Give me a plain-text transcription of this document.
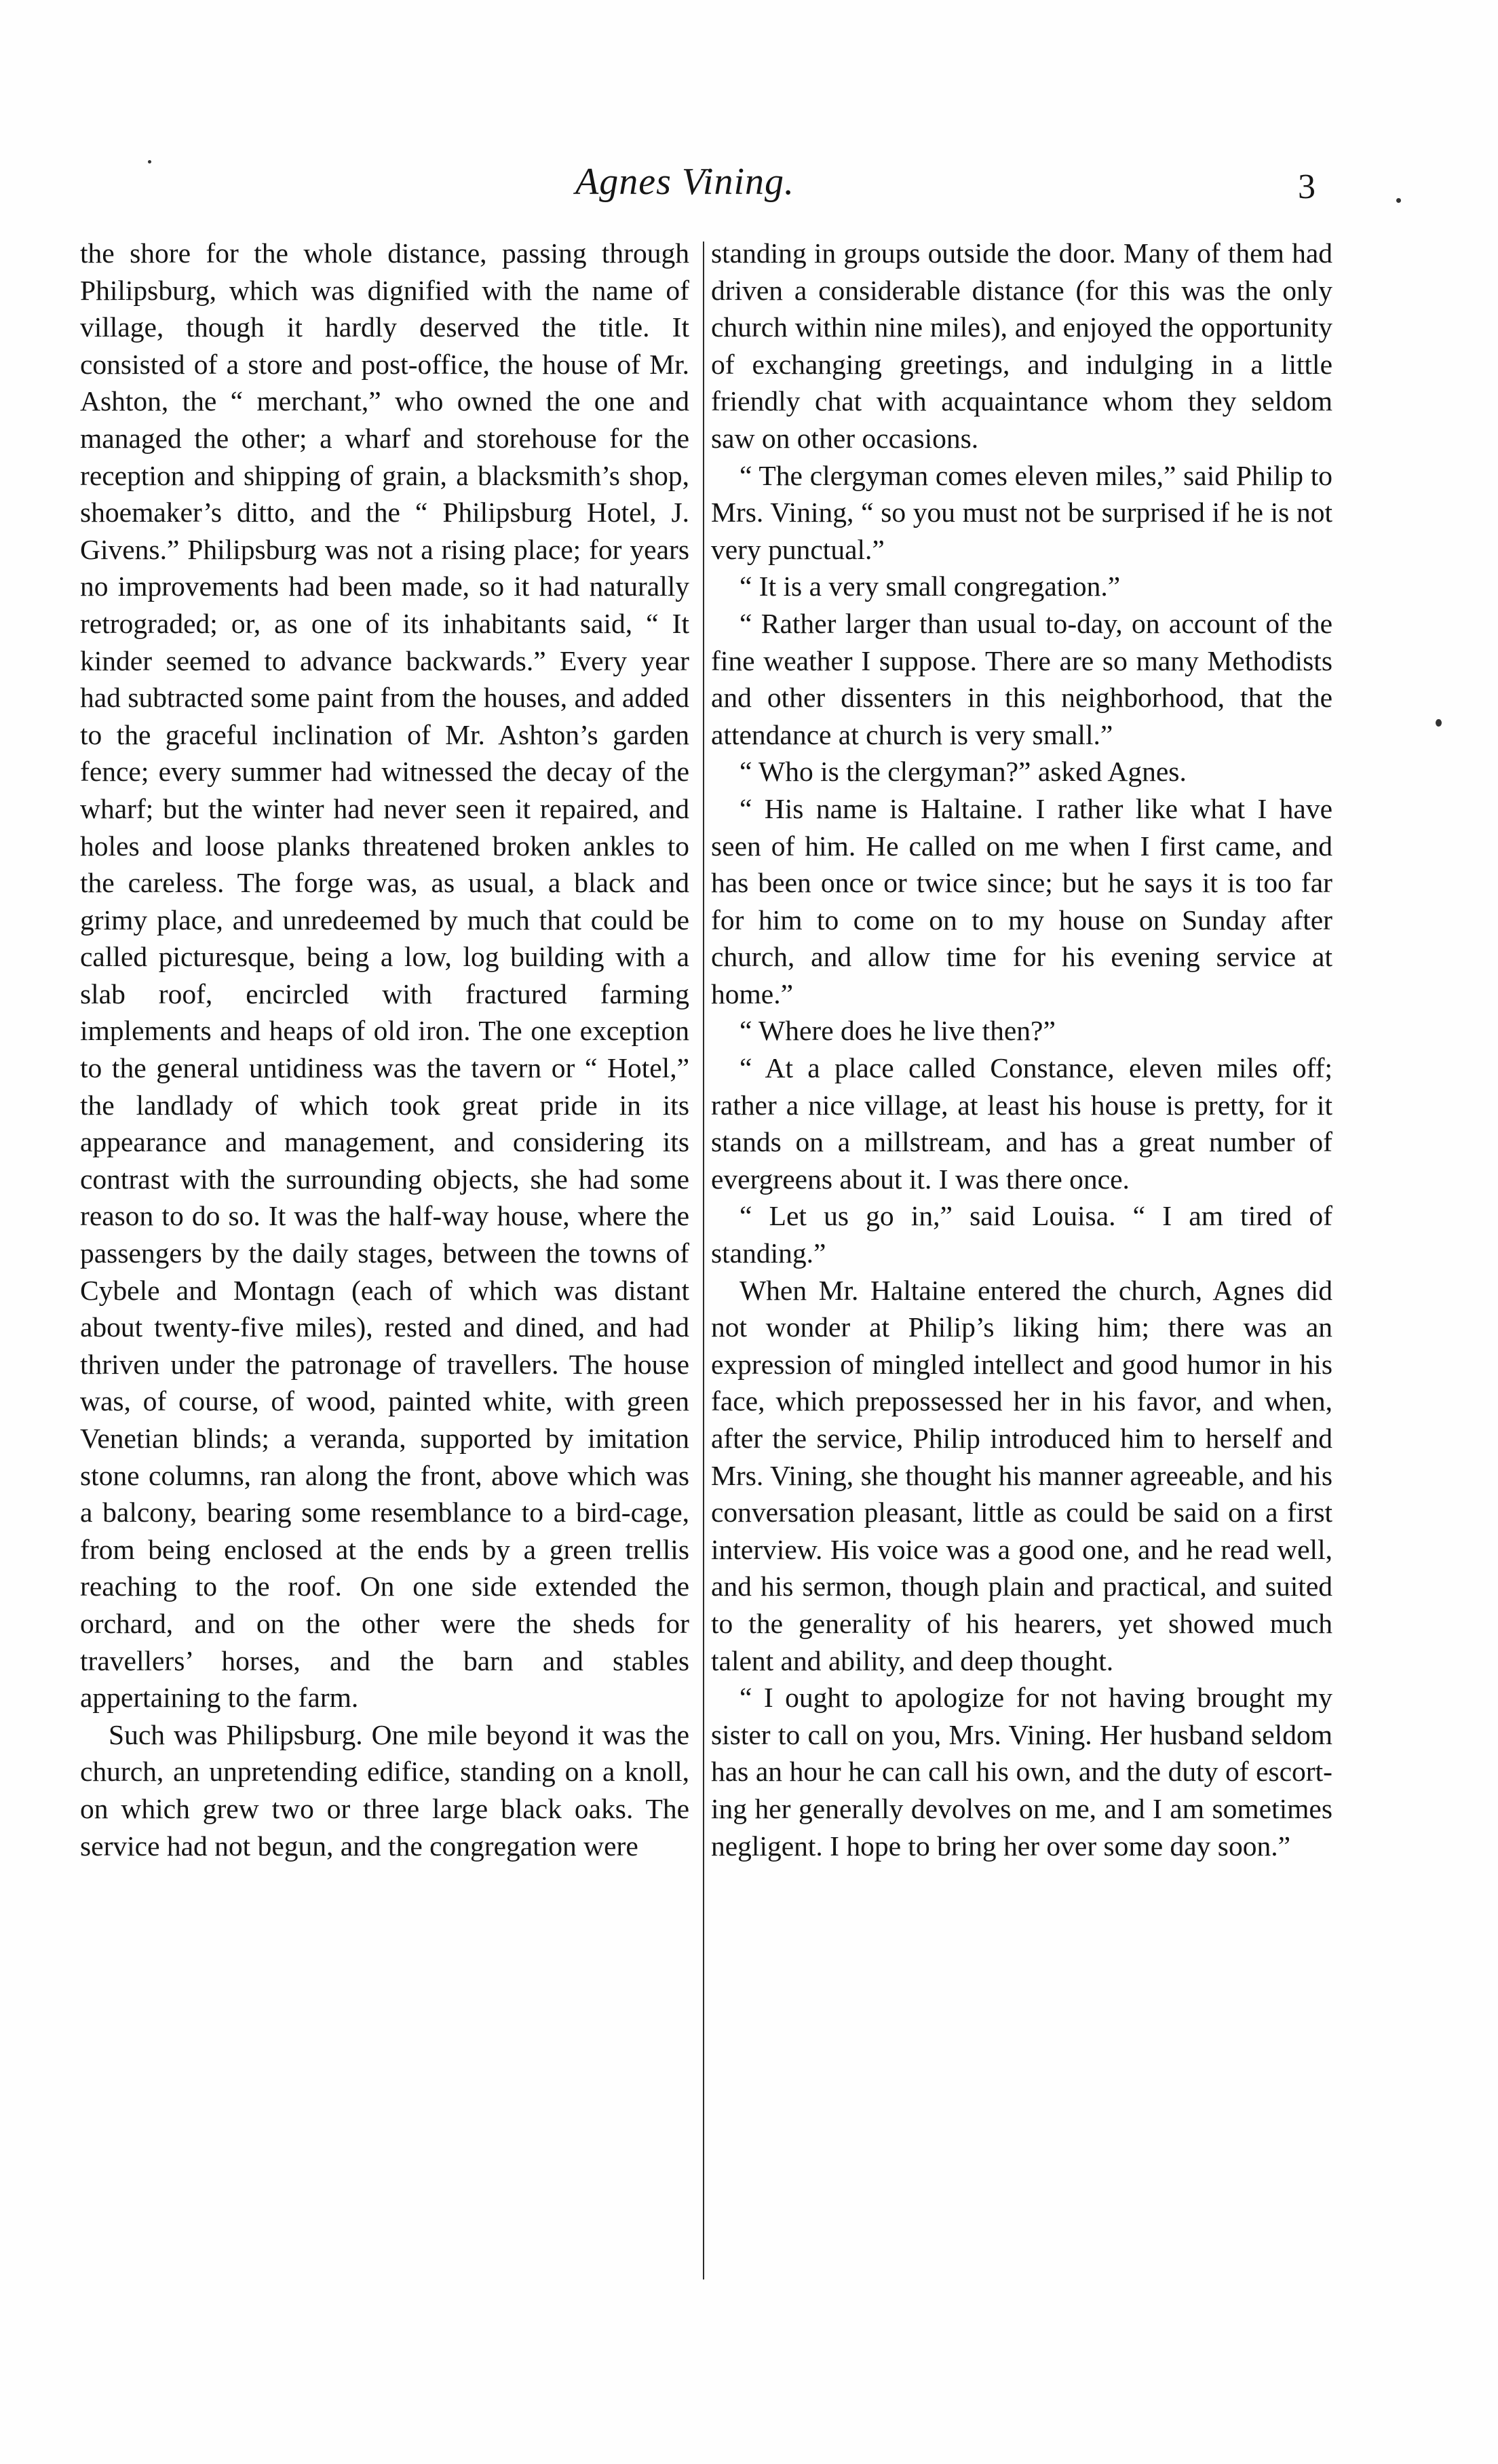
Agnes Vining.	3

the shore for the whole distance, passing through Philipsburg, which was dignified with the name of village, though it hardly deserved the title. It consisted of a store and post-office, the house of Mr. Ashton, the “ merchant,” who owned the one and managed the other; a wharf and storehouse for the reception and shipping of grain, a blacksmith’s shop, shoemaker’s ditto, and the “ Philipsburg Hotel, J. Givens.” Philipsburg was not a rising place; for years no improvements had been made, so it had naturally retrograded; or, as one of its inhabitants said, “ It kinder seemed to advance backwards.” Every year had subtracted some paint from the houses, and added to the graceful inclination of Mr. Ashton’s garden fence; every summer had witnessed the decay of the wharf; but the winter had never seen it repaired, and holes and loose planks threatened broken ankles to the careless. The forge was, as usual, a black and grimy place, and unredeemed by much that could be called picturesque, being a low, log building with a slab roof, encircled with fractured farming implements and heaps of old iron. The one exception to the general untidiness was the tavern or “ Hotel,” the landlady of which took great pride in its appearance and management, and considering its contrast with the surrounding objects, she had some reason to do so. It was the half-way house, where the passengers by the daily stages, between the towns of Cybele and Montagn (each of which was distant about twenty-five miles), rested and dined, and had thriven under the patronage of travellers. The house was, of course, of wood, painted white, with green Venetian blinds; a veranda, supported by imitation stone columns, ran along the front, above which was a balcony, bearing some resemblance to a bird-cage, from being enclosed at the ends by a green trellis reaching to the roof. On one side extended the orchard, and on the other were the sheds for travellers’ horses, and the barn and stables appertaining to the farm.

Such was Philipsburg. One mile beyond it was the church, an unpretending edifice, standing on a knoll, on which grew two or three large black oaks. The service had not begun, and the congregation were

standing in groups outside the door. Many of them had driven a considerable distance (for this was the only church within nine miles), and enjoyed the opportunity of exchanging greetings, and indulging in a little friendly chat with acquaintance whom they seldom saw on other occasions.

“ The clergyman comes eleven miles,” said Philip to Mrs. Vining, “ so you must not be surprised if he is not very punctual.”

“ It is a very small congregation.”

“ Rather larger than usual to-day, on account of the fine weather I suppose. There are so many Methodists and other dissenters in this neighborhood, that the attendance at church is very small.”

“ Who is the clergyman?” asked Agnes.

“ His name is Haltaine. I rather like what I have seen of him. He called on me when I first came, and has been once or twice since; but he says it is too far for him to come on to my house on Sunday after church, and allow time for his evening service at home.”

“ Where does he live then?”

“ At a place called Constance, eleven miles off; rather a nice village, at least his house is pretty, for it stands on a millstream, and has a great number of evergreens about it. I was there once.

“ Let us go in,” said Louisa. “ I am tired of standing.”

When Mr. Haltaine entered the church, Agnes did not wonder at Philip’s liking him; there was an expression of mingled intellect and good humor in his face, which prepossessed her in his favor, and when, after the service, Philip introduced him to herself and Mrs. Vining, she thought his manner agreeable, and his conversation pleasant, little as could be said on a first interview. His voice was a good one, and he read well, and his sermon, though plain and practical, and suited to the generality of his hearers, yet showed much talent and ability, and deep thought.

“ I ought to apologize for not having brought my sister to call on you, Mrs. Vining. Her husband seldom has an hour he can call his own, and the duty of escorting her generally devolves on me, and I am sometimes negligent. I hope to bring her over some day soon.”
